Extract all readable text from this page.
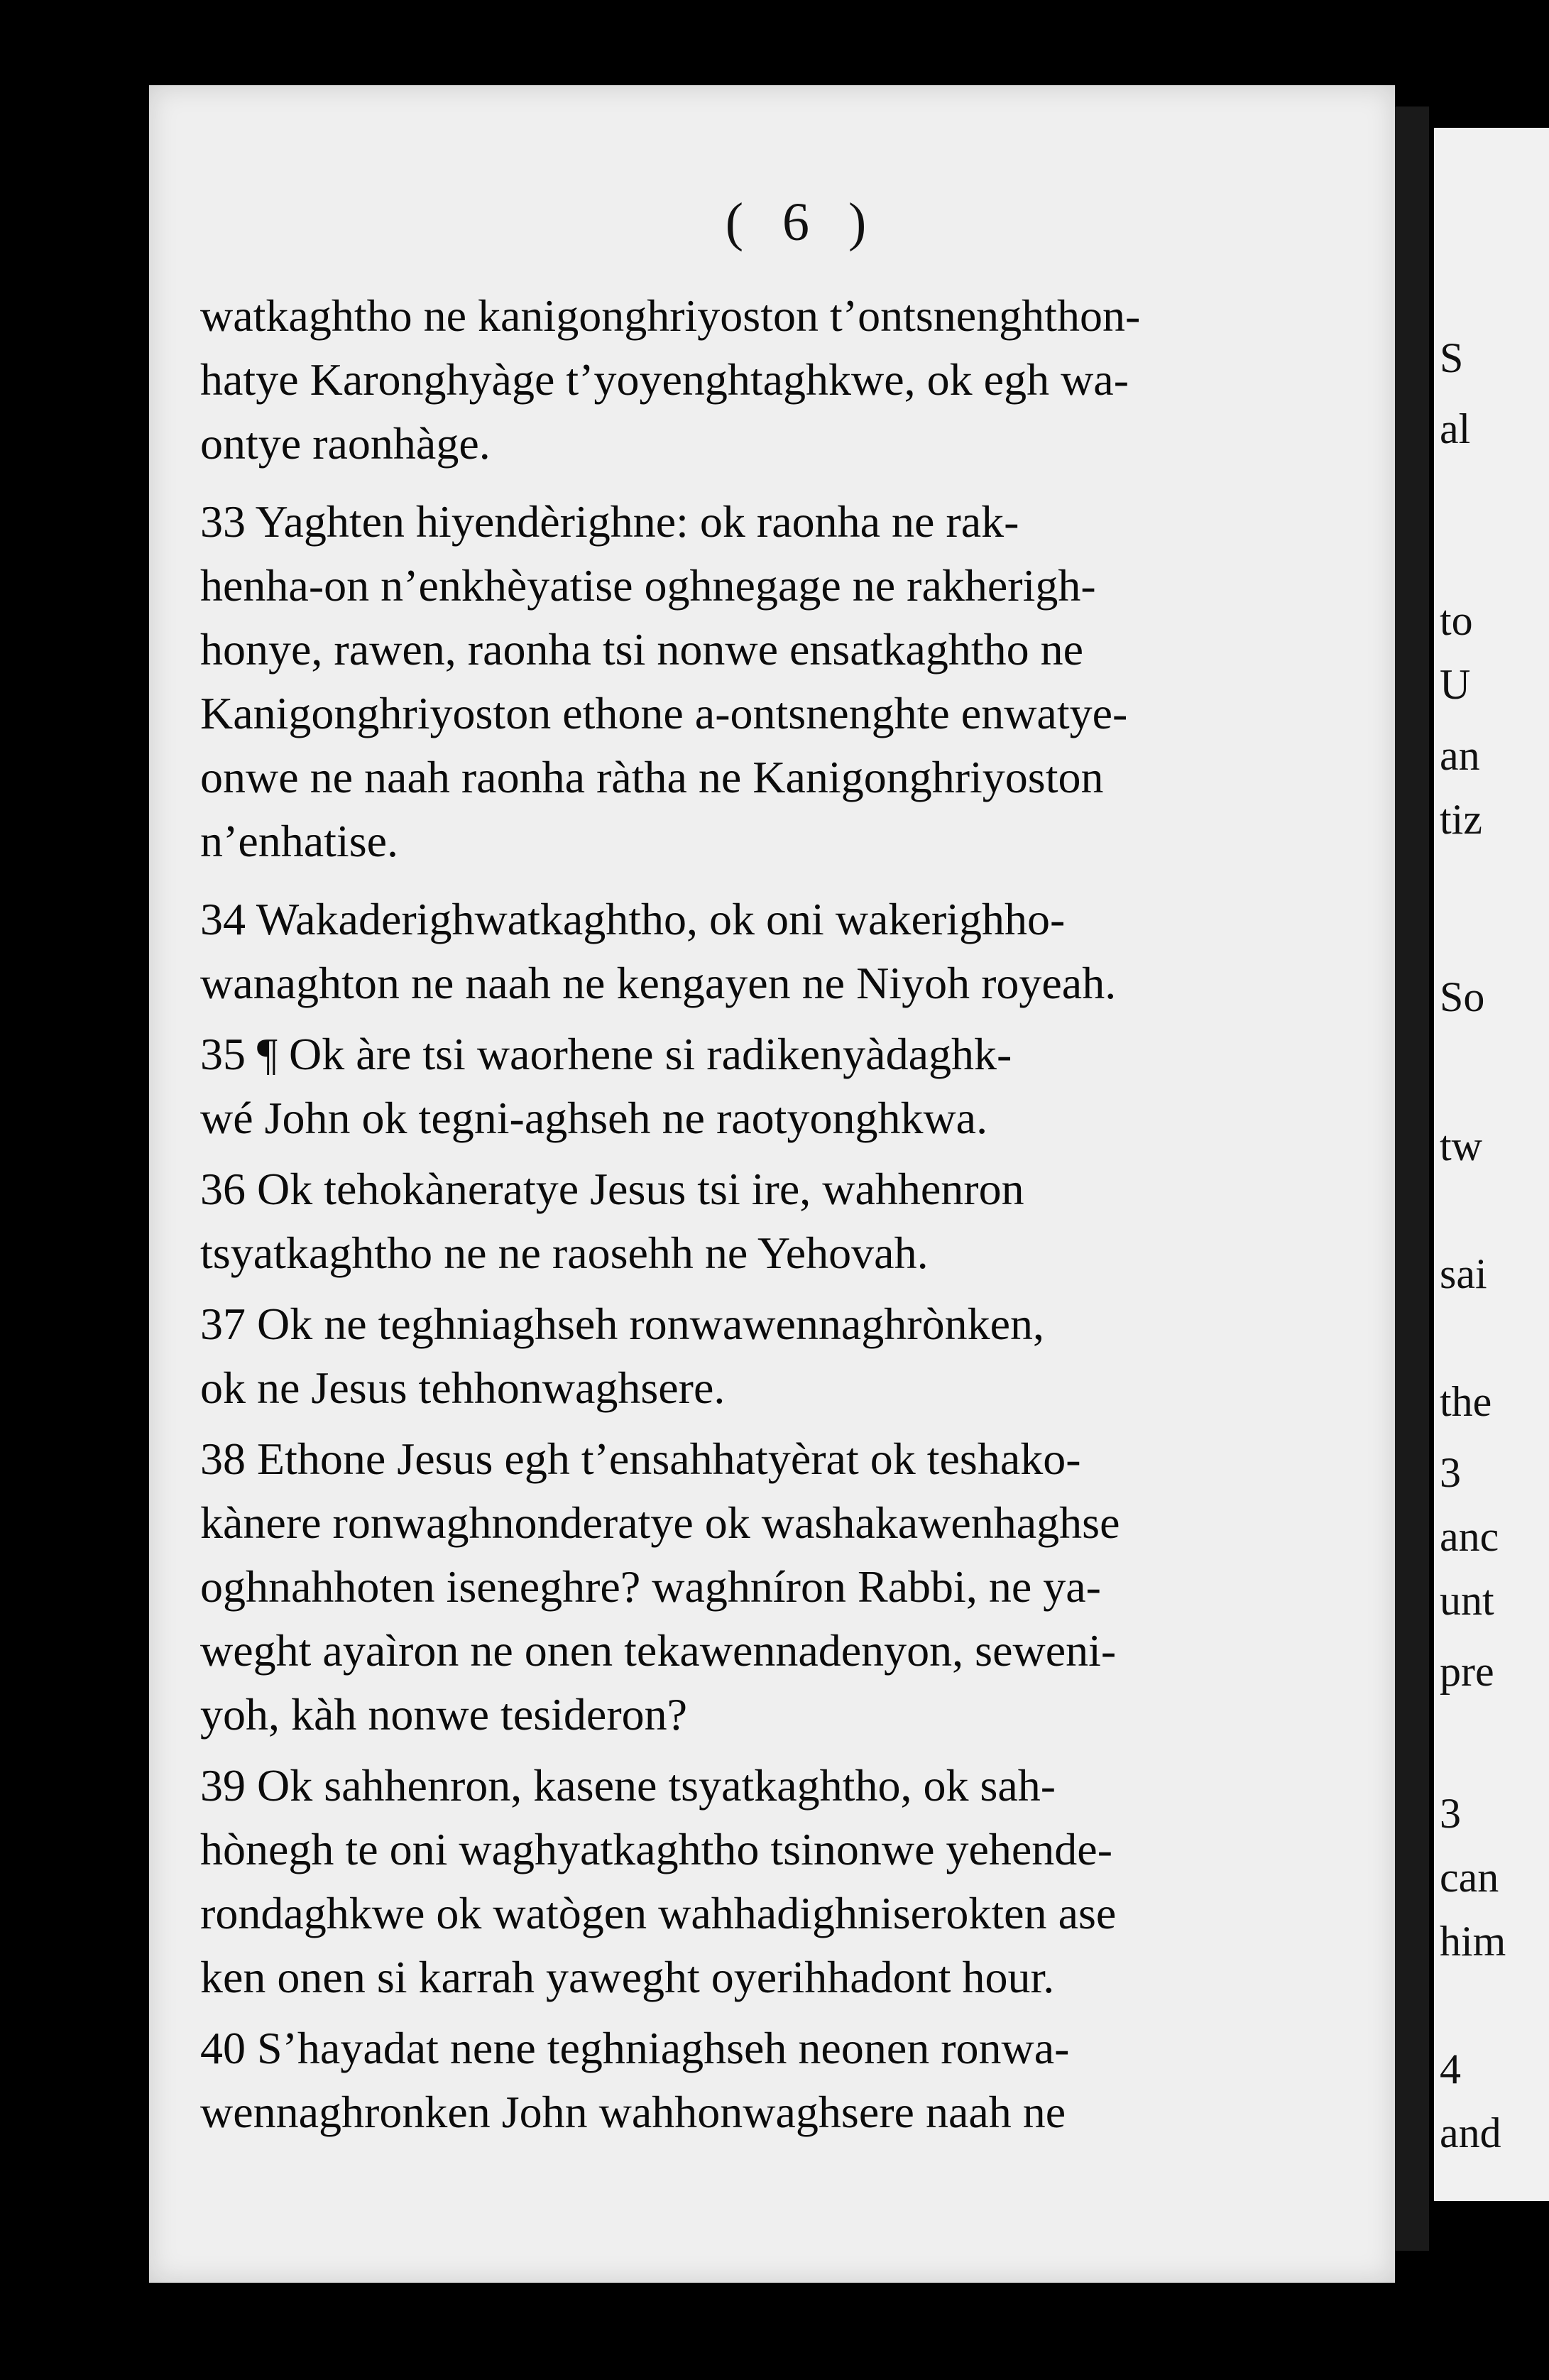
S
al
to
U
an
tiz
So
tw
sai
the
3
anc
unt
pre
3
can
him
4
and
( 6 )
watkaghtho ne kanigonghriyoston t’ontsnenghthon-
hatye Karonghyàge t’yoyenghtaghkwe, ok egh wa-
ontye raonhàge.
33 Yaghten hiyendèrighne: ok raonha ne rak-
henha-on n’enkhèyatise oghnegage ne rakherigh-
honye, rawen, raonha tsi nonwe ensatkaghtho ne
Kanigonghriyoston ethone a-ontsnenghte enwatye-
onwe ne naah raonha ràtha ne Kanigonghriyoston
n’enhatise.
34 Wakaderighwatkaghtho, ok oni wakerighho-
wanaghton ne naah ne kengayen ne Niyoh royeah.
35 ¶ Ok àre tsi waorhene si radikenyàdaghk-
wé John ok tegni-aghseh ne raotyonghkwa.
36 Ok tehokàneratye Jesus tsi ire, wahhenron
tsyatkaghtho ne ne raosehh ne Yehovah.
37 Ok ne teghniaghseh ronwawennaghrònken,
ok ne Jesus tehhonwaghsere.
38 Ethone Jesus egh t’ensahhatyèrat ok teshako-
kànere ronwaghnonderatye ok washakawenhaghse
oghnahhoten iseneghre? waghníron Rabbi, ne ya-
weght ayaìron ne onen tekawennadenyon, seweni-
yoh, kàh nonwe tesideron?
39 Ok sahhenron, kasene tsyatkaghtho, ok sah-
hònegh te oni waghyatkaghtho tsinonwe yehende-
rondaghkwe ok watògen wahhadighniserokten ase
ken onen si karrah yaweght oyerihhadont hour.
40 S’hayadat nene teghniaghseh neonen ronwa-
wennaghronken John wahhonwaghsere naah ne
